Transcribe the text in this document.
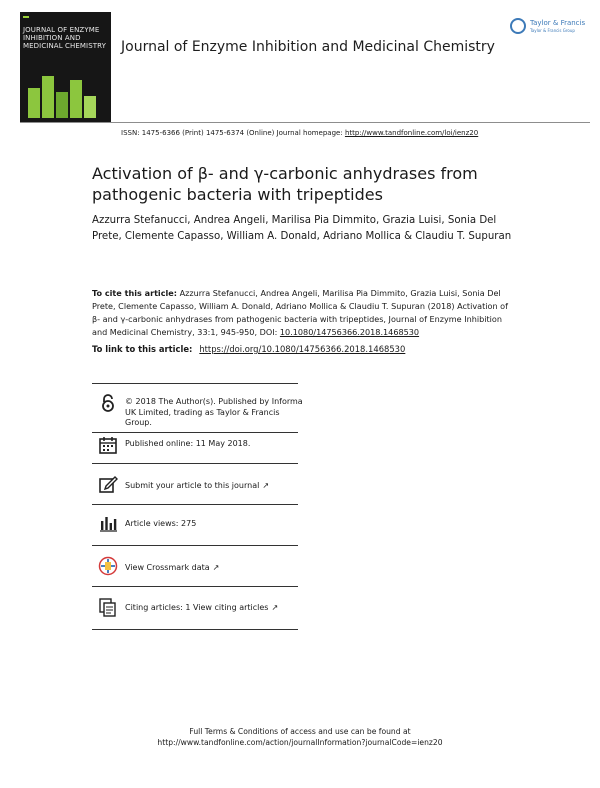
JOURNAL OF ENZYME
INHIBITION AND
MEDICINAL CHEMISTRY Journal of Enzyme Inhibition and Medicinal Chemistry
Taylor & Francis
Taylor & Francis Group
ISSN: 1475-6366 (Print) 1475-6374 (Online) Journal homepage: http://www.tandfonline.com/loi/ienz20
Activation of β- and γ-carbonic anhydrases from pathogenic bacteria with tripeptides

Azzurra Stefanucci, Andrea Angeli, Marilisa Pia Dimmito, Grazia Luisi, Sonia Del Prete, Clemente Capasso, William A. Donald, Adriano Mollica & Claudiu T. Supuran

To cite this article: Azzurra Stefanucci, Andrea Angeli, Marilisa Pia Dimmito, Grazia Luisi, Sonia Del Prete, Clemente Capasso, William A. Donald, Adriano Mollica & Claudiu T. Supuran (2018) Activation of β- and γ-carbonic anhydrases from pathogenic bacteria with tripeptides, Journal of Enzyme Inhibition and Medicinal Chemistry, 33:1, 945-950, DOI: 10.1080/14756366.2018.1468530

To link to this article: https://doi.org/10.1080/14756366.2018.1468530
© 2018 The Author(s). Published by Informa UK Limited, trading as Taylor & Francis Group.
Published online: 11 May 2018.
Submit your article to this journal ↗
Article views: 275
View Crossmark data ↗
Citing articles: 1 View citing articles ↗
Full Terms & Conditions of access and use can be found at
http://www.tandfonline.com/action/journalInformation?journalCode=ienz20
